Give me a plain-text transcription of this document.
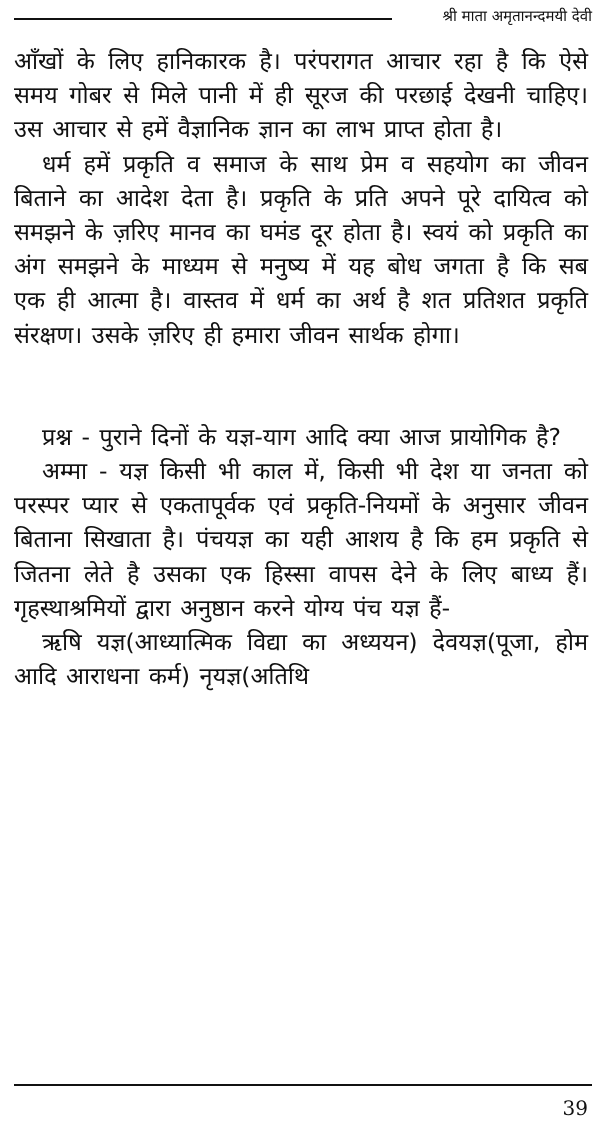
श्री माता अमृतानन्दमयी देवी

आँखों के लिए हानिकारक है। परंपरागत आचार रहा है कि ऐसे समय गोबर से मिले पानी में ही सूरज की परछाई देखनी चाहिए। उस आचार से हमें वैज्ञानिक ज्ञान का लाभ प्राप्त होता है।

धर्म हमें प्रकृति व समाज के साथ प्रेम व सहयोग का जीवन बिताने का आदेश देता है। प्रकृति के प्रति अपने पूरे दायित्व को समझने के ज़रिए मानव का घमंड दूर होता है। स्वयं को प्रकृति का अंग समझने के माध्यम से मनुष्य में यह बोध जगता है कि सब एक ही आत्मा है। वास्तव में धर्म का अर्थ है शत प्रतिशत प्रकृति संरक्षण। उसके ज़रिए ही हमारा जीवन सार्थक होगा।

प्रश्न - पुराने दिनों के यज्ञ-याग आदि क्या आज प्रायोगिक है?

अम्मा - यज्ञ किसी भी काल में, किसी भी देश या जनता को परस्पर प्यार से एकतापूर्वक एवं प्रकृति-नियमों के अनुसार जीवन बिताना सिखाता है। पंचयज्ञ का यही आशय है कि हम प्रकृति से जितना लेते है उसका एक हिस्सा वापस देने के लिए बाध्य हैं। गृहस्थाश्रमियों द्वारा अनुष्ठान करने योग्य पंच यज्ञ हैं-

ऋषि यज्ञ(आध्यात्मिक विद्या का अध्ययन) देवयज्ञ(पूजा, होम आदि आराधना कर्म) नृयज्ञ(अतिथि

39
